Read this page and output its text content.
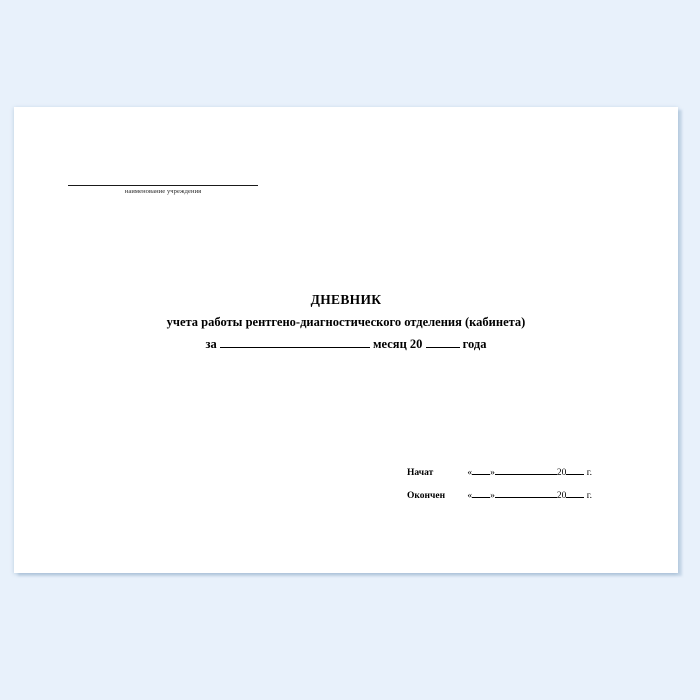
наименование учреждения
ДНЕВНИК
учета работы рентгено-диагностического отделения (кабинета)
за	месяц 20	года
Начат	« »	20 г.
Окончен « »	20 г.
